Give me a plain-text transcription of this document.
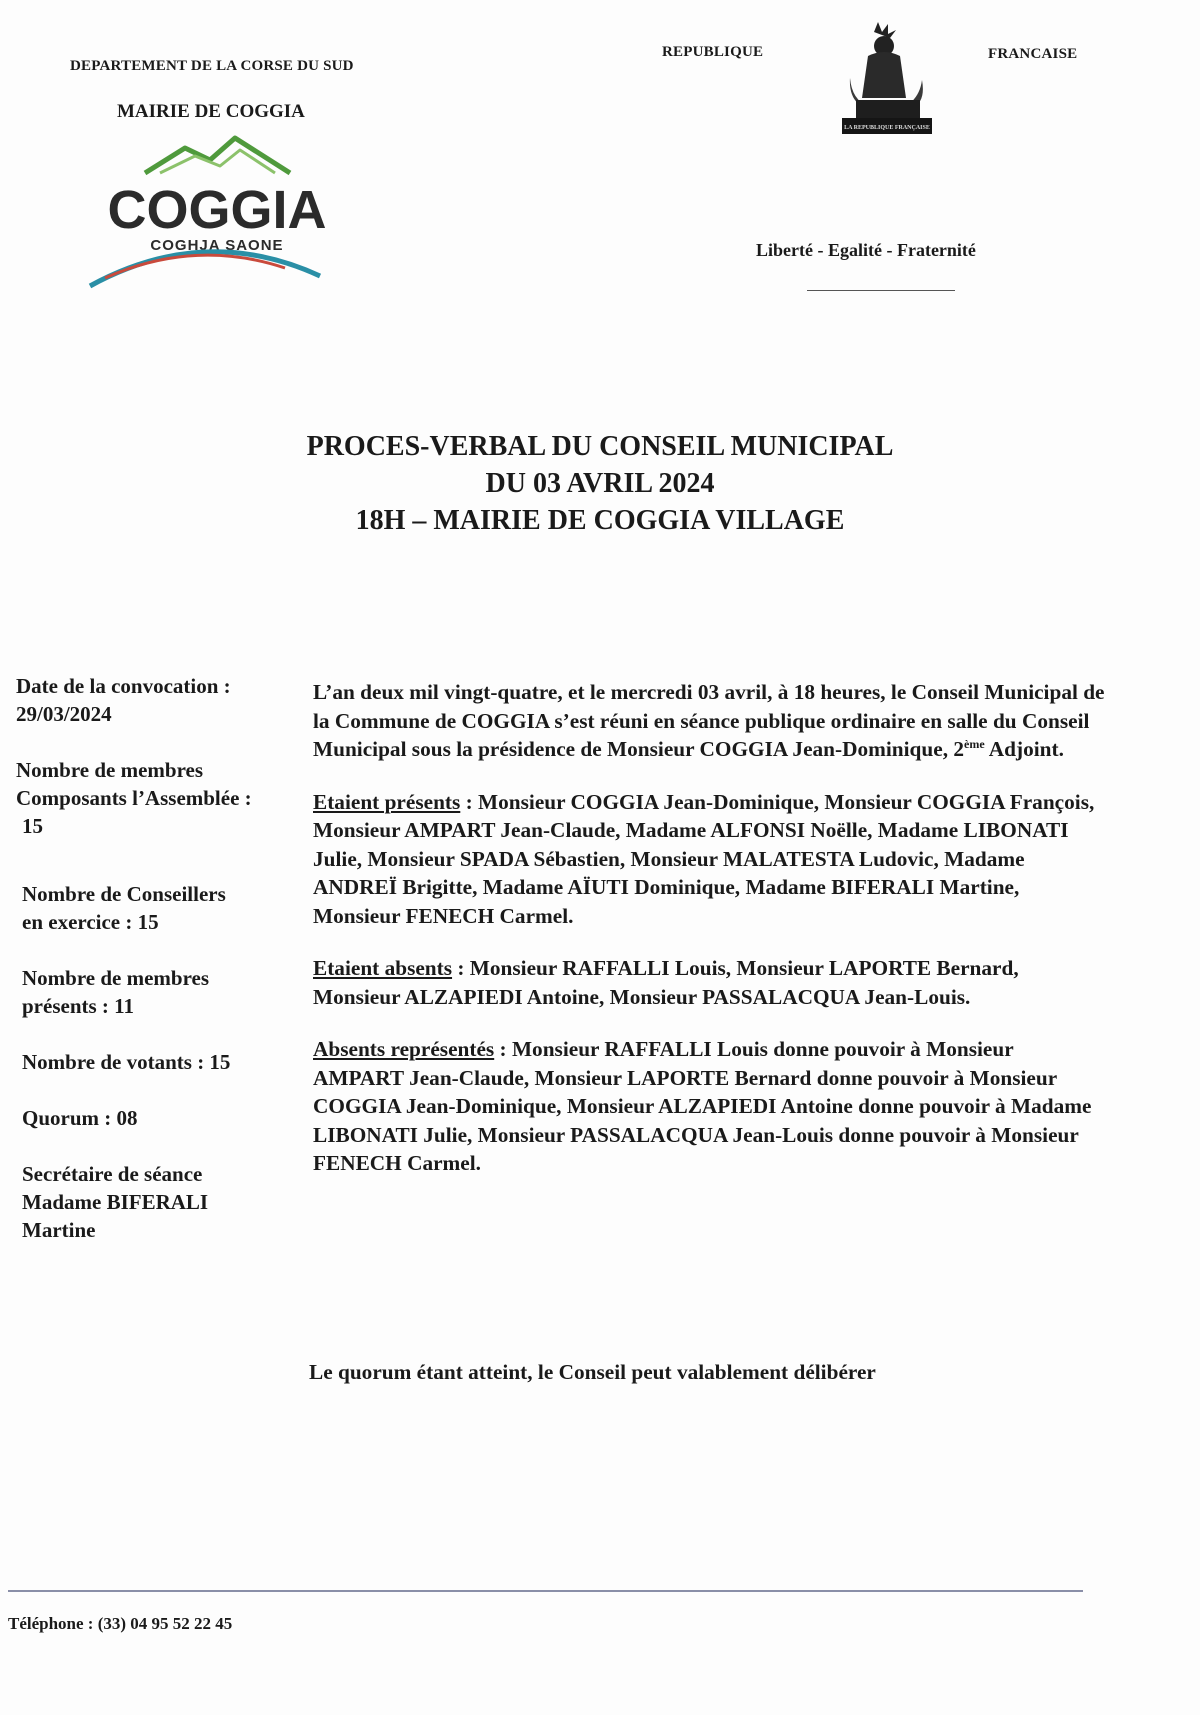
DEPARTEMENT DE LA CORSE DU SUD
MAIRIE DE COGGIA
COGGIA
COGHJA SAONE
REPUBLIQUE	FRANCAISE
LA REPUBLIQUE FRANÇAISE
Liberté - Egalité - Fraternité
PROCES-VERBAL DU CONSEIL MUNICIPAL
DU 03 AVRIL 2024
18H – MAIRIE DE COGGIA VILLAGE
Date de la convocation :
29/03/2024
Nombre de membres
Composants l’Assemblée :
15
Nombre de Conseillers
en exercice : 15
Nombre de membres
présents : 11
Nombre de votants : 15
Quorum : 08
Secrétaire de séance
Madame BIFERALI
Martine

L’an deux mil vingt-quatre, et le mercredi 03 avril, à 18 heures, le Conseil Municipal de la Commune de COGGIA s’est réuni en séance publique ordinaire en salle du Conseil Municipal sous la présidence de Monsieur COGGIA Jean-Dominique, 2ème Adjoint.

Etaient présents : Monsieur COGGIA Jean-Dominique, Monsieur COGGIA François, Monsieur AMPART Jean-Claude, Madame ALFONSI Noëlle, Madame LIBONATI Julie, Monsieur SPADA Sébastien, Monsieur MALATESTA Ludovic, Madame ANDREÏ Brigitte, Madame AÏUTI Dominique, Madame BIFERALI Martine, Monsieur FENECH Carmel.

Etaient absents : Monsieur RAFFALLI Louis, Monsieur LAPORTE Bernard, Monsieur ALZAPIEDI Antoine, Monsieur PASSALACQUA Jean-Louis.

Absents représentés : Monsieur RAFFALLI Louis donne pouvoir à Monsieur AMPART Jean-Claude, Monsieur LAPORTE Bernard donne pouvoir à Monsieur COGGIA Jean-Dominique, Monsieur ALZAPIEDI Antoine donne pouvoir à Madame LIBONATI Julie, Monsieur PASSALACQUA Jean-Louis donne pouvoir à Monsieur FENECH Carmel.

Le quorum étant atteint, le Conseil peut valablement délibérer
Téléphone : (33) 04 95 52 22 45
